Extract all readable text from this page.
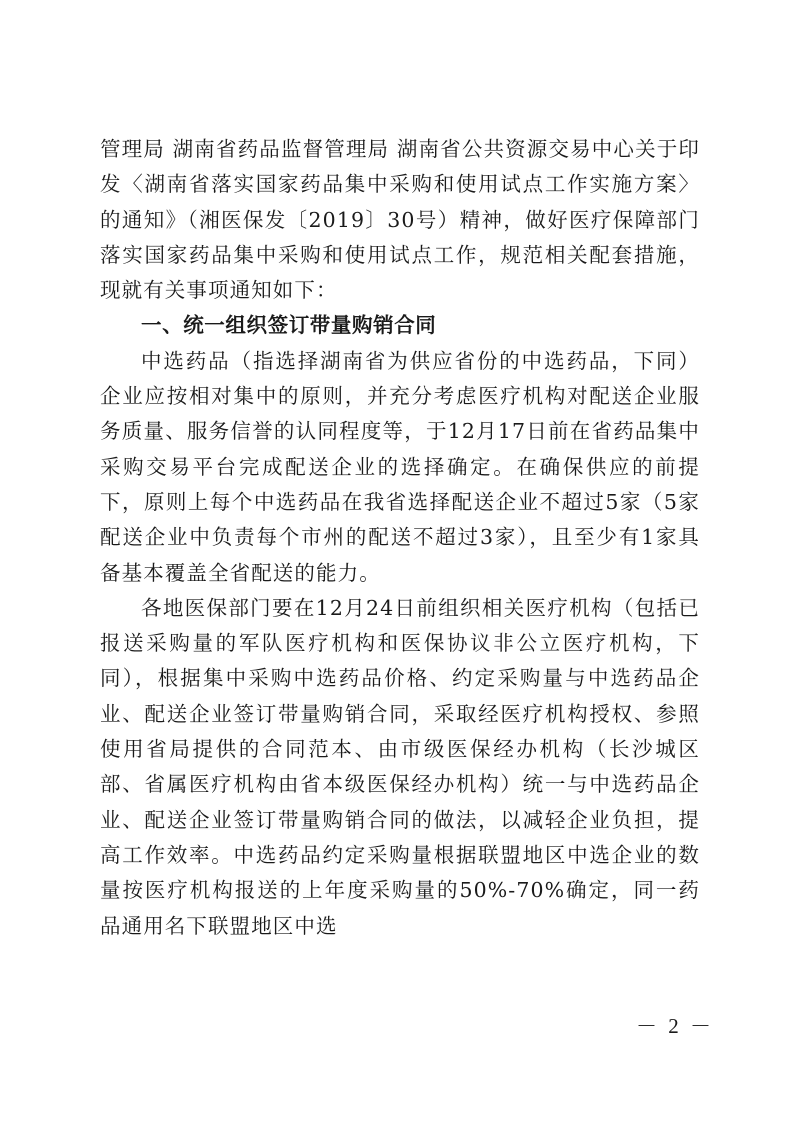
管理局 湖南省药品监督管理局 湖南省公共资源交易中心关于印发〈湖南省落实国家药品集中采购和使用试点工作实施方案〉的通知》（湘医保发〔2019〕30号）精神，做好医疗保障部门落实国家药品集中采购和使用试点工作，规范相关配套措施，现就有关事项通知如下：

一、统一组织签订带量购销合同

中选药品（指选择湖南省为供应省份的中选药品，下同）企业应按相对集中的原则，并充分考虑医疗机构对配送企业服务质量、服务信誉的认同程度等，于12月17日前在省药品集中采购交易平台完成配送企业的选择确定。在确保供应的前提下，原则上每个中选药品在我省选择配送企业不超过5家（5家配送企业中负责每个市州的配送不超过3家），且至少有1家具备基本覆盖全省配送的能力。

各地医保部门要在12月24日前组织相关医疗机构（包括已报送采购量的军队医疗机构和医保协议非公立医疗机构，下同），根据集中采购中选药品价格、约定采购量与中选药品企业、配送企业签订带量购销合同，采取经医疗机构授权、参照使用省局提供的合同范本、由市级医保经办机构（长沙城区部、省属医疗机构由省本级医保经办机构）统一与中选药品企业、配送企业签订带量购销合同的做法，以减轻企业负担，提高工作效率。中选药品约定采购量根据联盟地区中选企业的数量按医疗机构报送的上年度采购量的50%-70%确定，同一药品通用名下联盟地区中选

－ 2 －
